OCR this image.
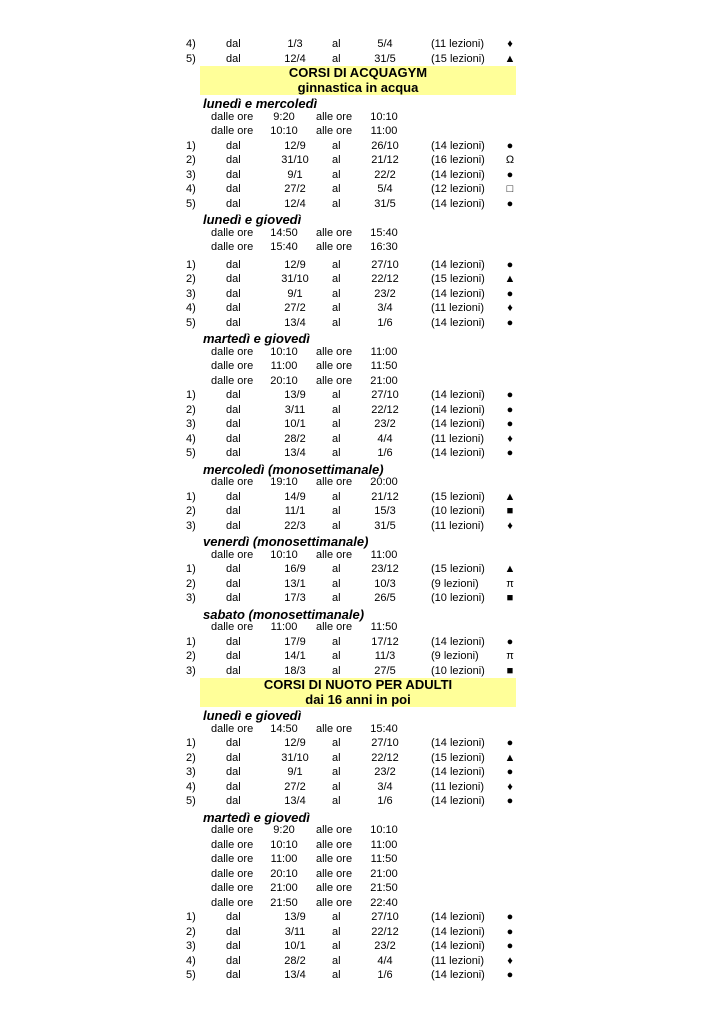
4)	dal	1/3	al	5/4	(11 lezioni)	♦
5)	dal	12/4	al	31/5	(15 lezioni) ▲
CORSI DI ACQUAGYM
ginnastica in acqua
lunedì e mercoledì
dalle ore	9:20	alle ore	10:10
dalle ore	10:10	alle ore	11:00
1)	dal	12/9	al	26/10	(14 lezioni)	●
2)	dal	31/10	al	21/12	(16 lezioni) Ω
3)	dal	9/1	al	22/2	(14 lezioni)	●
4)	dal	27/2	al	5/4	(12 lezioni)	□
5)	dal	12/4	al	31/5	(14 lezioni)	●
lunedì e giovedì
dalle ore	14:50	alle ore	15:40
dalle ore	15:40	alle ore	16:30
1)	dal	12/9	al	27/10	(14 lezioni)	●
2)	dal	31/10	al	22/12	(15 lezioni) ▲
3)	dal	9/1	al	23/2	(14 lezioni)	●
4)	dal	27/2	al	3/4	(11 lezioni)	♦
5)	dal	13/4	al	1/6	(14 lezioni)	●
martedì e giovedì
dalle ore	10:10	alle ore	11:00
dalle ore	11:00	alle ore	11:50
dalle ore	20:10	alle ore	21:00
1)	dal	13/9	al	27/10	(14 lezioni)	●
2)	dal	3/11	al	22/12	(14 lezioni)	●
3)	dal	10/1	al	23/2	(14 lezioni)	●
4)	dal	28/2	al	4/4	(11 lezioni)	♦
5)	dal	13/4	al	1/6	(14 lezioni)	●
mercoledì (monosettimanale)
dalle ore	19:10	alle ore	20:00
1)	dal	14/9	al	21/12	(15 lezioni) ▲
2)	dal	11/1	al	15/3	(10 lezioni)	■
3)	dal	22/3	al	31/5	(11 lezioni)	♦
venerdì (monosettimanale)
dalle ore	10:10	alle ore	11:00
1)	dal	16/9	al	23/12	(15 lezioni) ▲
2)	dal	13/1	al	10/3	(9 lezioni)	π
3)	dal	17/3	al	26/5	(10 lezioni)	■
sabato (monosettimanale)
dalle ore	11:00	alle ore	11:50
1)	dal	17/9	al	17/12	(14 lezioni)	●
2)	dal	14/1	al	11/3	(9 lezioni)	π
3)	dal	18/3	al	27/5	(10 lezioni)	■
CORSI DI NUOTO PER ADULTI
dai 16 anni in poi
lunedì e giovedì
dalle ore	14:50	alle ore	15:40
1)	dal	12/9	al	27/10	(14 lezioni)	●
2)	dal	31/10	al	22/12	(15 lezioni) ▲
3)	dal	9/1	al	23/2	(14 lezioni)	●
4)	dal	27/2	al	3/4	(11 lezioni)	♦
5)	dal	13/4	al	1/6	(14 lezioni)	●
martedì e giovedì
dalle ore	9:20	alle ore	10:10
dalle ore	10:10	alle ore	11:00
dalle ore	11:00	alle ore	11:50
dalle ore	20:10	alle ore	21:00
dalle ore	21:00	alle ore	21:50
dalle ore	21:50	alle ore	22:40
1)	dal	13/9	al	27/10	(14 lezioni)	●
2)	dal	3/11	al	22/12	(14 lezioni)	●
3)	dal	10/1	al	23/2	(14 lezioni)	●
4)	dal	28/2	al	4/4	(11 lezioni)	♦
5)	dal	13/4	al	1/6	(14 lezioni)	●
